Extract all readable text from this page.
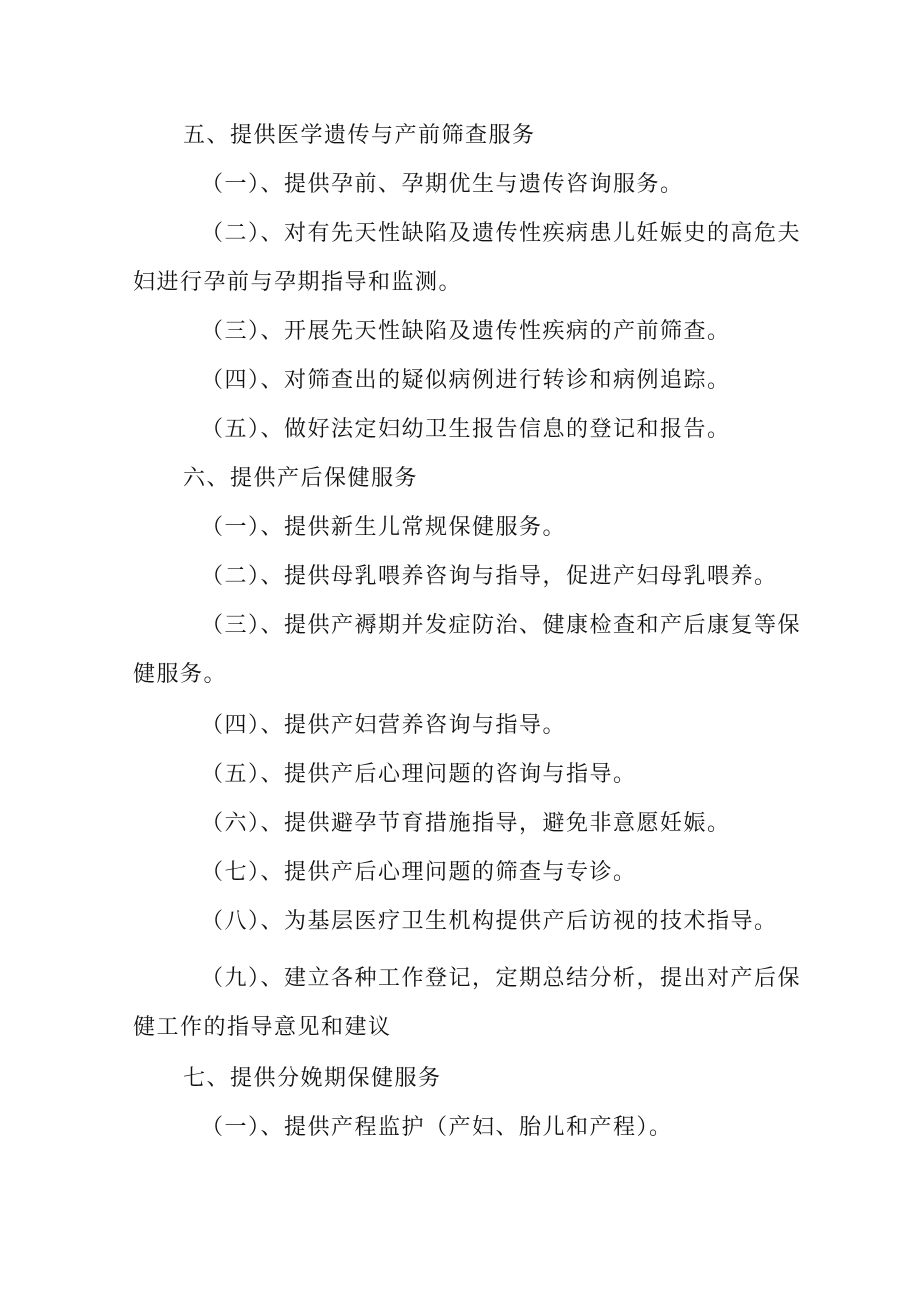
五、提供医学遗传与产前筛查服务

（一）、提供孕前、孕期优生与遗传咨询服务。

（二）、对有先天性缺陷及遗传性疾病患儿妊娠史的高危夫

妇进行孕前与孕期指导和监测。

（三）、开展先天性缺陷及遗传性疾病的产前筛查。

（四）、对筛查出的疑似病例进行转诊和病例追踪。

（五）、做好法定妇幼卫生报告信息的登记和报告。

六、提供产后保健服务

（一）、提供新生儿常规保健服务。

（二）、提供母乳喂养咨询与指导，促进产妇母乳喂养。

（三）、提供产褥期并发症防治、健康检查和产后康复等保

健服务。

（四）、提供产妇营养咨询与指导。

（五）、提供产后心理问题的咨询与指导。

（六）、提供避孕节育措施指导，避免非意愿妊娠。

（七）、提供产后心理问题的筛查与专诊。

（八）、为基层医疗卫生机构提供产后访视的技术指导。

（九）、建立各种工作登记，定期总结分析，提出对产后保

健工作的指导意见和建议

七、提供分娩期保健服务

（一）、提供产程监护（产妇、胎儿和产程）。
